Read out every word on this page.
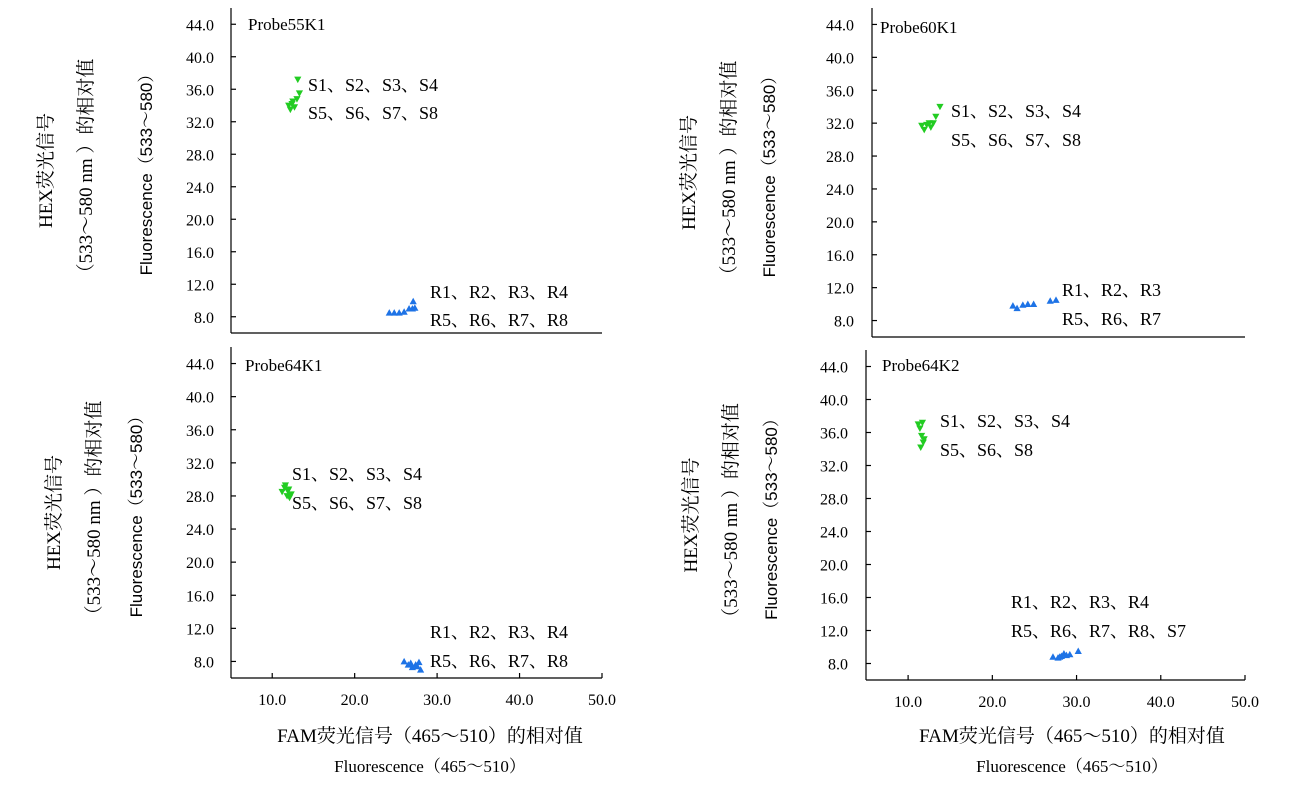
8.0
12.0
16.0
20.0
24.0
28.0
32.0
36.0
40.0
44.0 Probe55K1
HEX荧光信号 （533～580 nm ）的相对值 Fluorescence（533～580）	S1、S2、S3、S4
S5、S6、S7、S8
R1、R2、R3、R4
R5、R6、R7、R8	8.0
12.0
16.0
20.0
24.0
28.0
32.0
36.0
40.0
44.0 Probe60K1
HEX荧光信号 （533～580 nm ）的相对值 Fluorescence（533～580）	S1、S2、S3、S4
S5、S6、S7、S8
R1、R2、R3
R5、R6、R7
8.0
12.0
16.0
20.0
24.0
28.0
32.0
36.0
40.0
44.0
10.0	20.0	30.0	40.0	50.0
Probe64K1
HEX荧光信号 （533～580 nm ）的相对值 Fluorescence（533～580）	S1、S2、S3、S4
S5、S6、S7、S8
R1、R2、R3、R4
R5、R6、R7、R8	8.0
12.0
16.0
20.0
24.0
28.0
32.0
36.0
40.0
44.0
10.0	20.0	30.0	40.0	50.0
Probe64K2
HEX荧光信号 （533～580 nm ）的相对值 Fluorescence（533～580）	S1、S2、S3、S4
S5、S6、S8
R1、R2、R3、R4
R5、R6、R7、R8、S7
FAM荧光信号（465～510）的相对值
Fluorescence（465～510）
FAM荧光信号（465～510）的相对值
Fluorescence（465～510）
